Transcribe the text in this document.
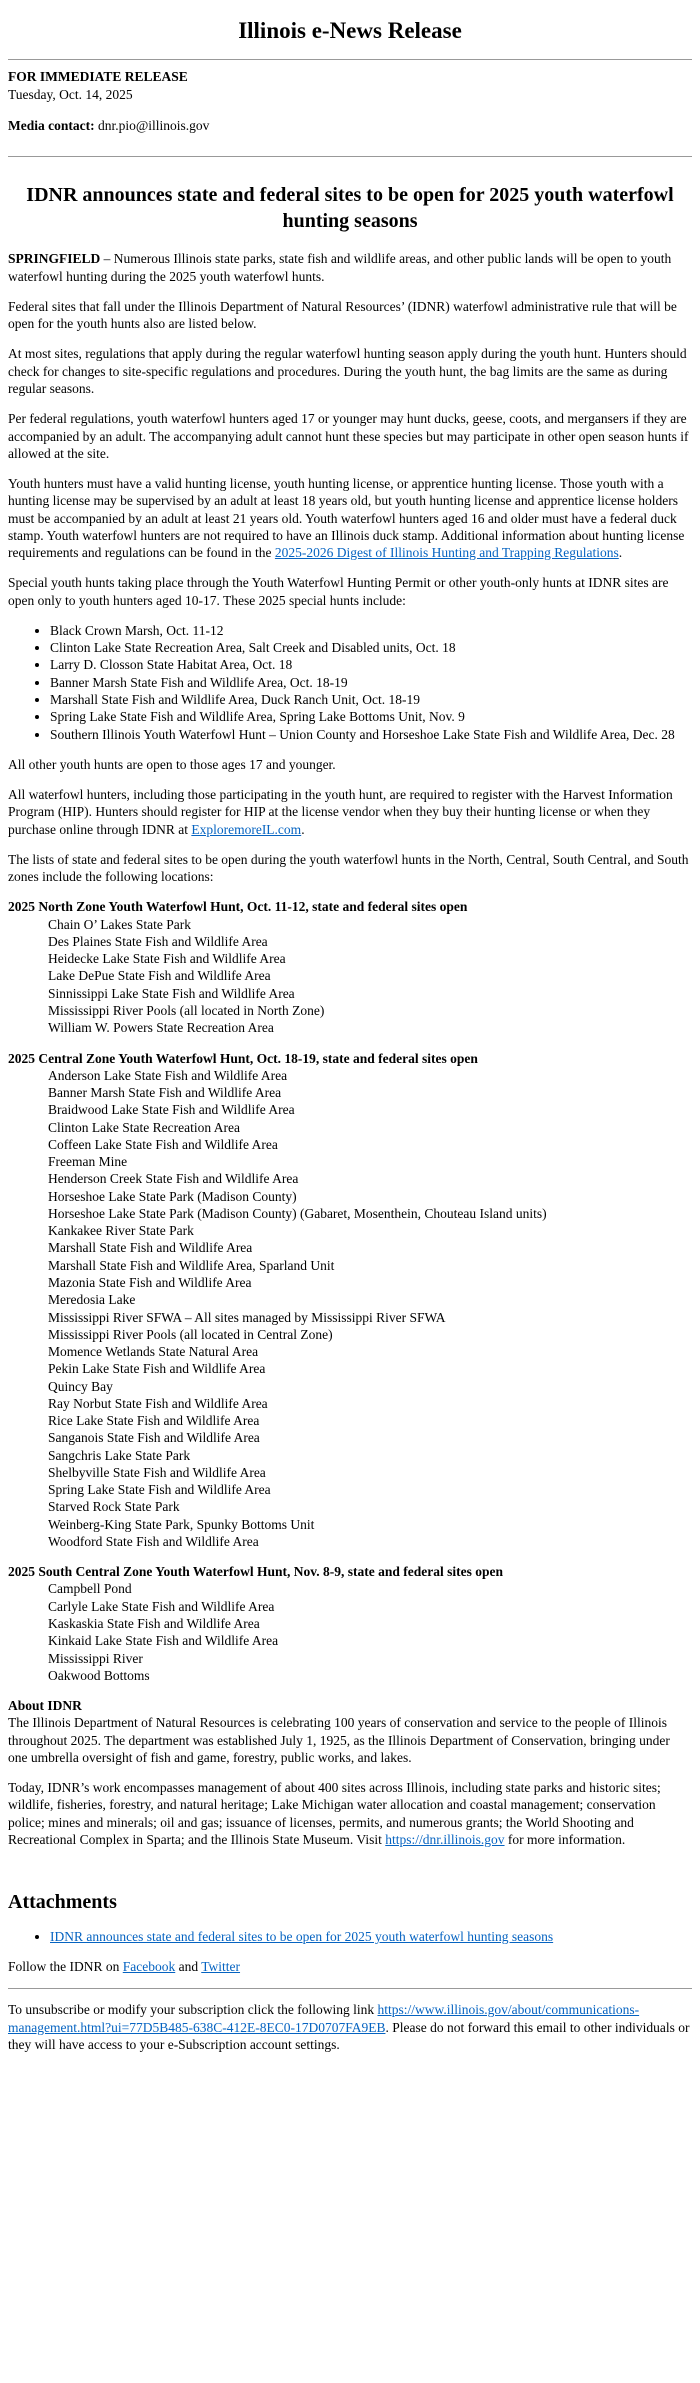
Illinois e-News Release

FOR IMMEDIATE RELEASE

Tuesday, Oct. 14, 2025

Media contact: dnr.pio@illinois.gov

IDNR announces state and federal sites to be open for 2025 youth waterfowl hunting seasons

SPRINGFIELD – Numerous Illinois state parks, state fish and wildlife areas, and other public lands will be open to youth waterfowl hunting during the 2025 youth waterfowl hunts.

Federal sites that fall under the Illinois Department of Natural Resources’ (IDNR) waterfowl administrative rule that will be open for the youth hunts also are listed below.

At most sites, regulations that apply during the regular waterfowl hunting season apply during the youth hunt. Hunters should check for changes to site-specific regulations and procedures. During the youth hunt, the bag limits are the same as during regular seasons.

Per federal regulations, youth waterfowl hunters aged 17 or younger may hunt ducks, geese, coots, and mergansers if they are accompanied by an adult. The accompanying adult cannot hunt these species but may participate in other open season hunts if allowed at the site.

Youth hunters must have a valid hunting license, youth hunting license, or apprentice hunting license. Those youth with a hunting license may be supervised by an adult at least 18 years old, but youth hunting license and apprentice license holders must be accompanied by an adult at least 21 years old. Youth waterfowl hunters aged 16 and older must have a federal duck stamp. Youth waterfowl hunters are not required to have an Illinois duck stamp. Additional information about hunting license requirements and regulations can be found in the 2025-2026 Digest of Illinois Hunting and Trapping Regulations.

Special youth hunts taking place through the Youth Waterfowl Hunting Permit or other youth-only hunts at IDNR sites are open only to youth hunters aged 10-17. These 2025 special hunts include:

• Black Crown Marsh, Oct. 11-12
• Clinton Lake State Recreation Area, Salt Creek and Disabled units, Oct. 18
• Larry D. Closson State Habitat Area, Oct. 18
• Banner Marsh State Fish and Wildlife Area, Oct. 18-19
• Marshall State Fish and Wildlife Area, Duck Ranch Unit, Oct. 18-19
• Spring Lake State Fish and Wildlife Area, Spring Lake Bottoms Unit, Nov. 9
• Southern Illinois Youth Waterfowl Hunt – Union County and Horseshoe Lake State Fish and Wildlife Area, Dec. 28

All other youth hunts are open to those ages 17 and younger.

All waterfowl hunters, including those participating in the youth hunt, are required to register with the Harvest Information Program (HIP). Hunters should register for HIP at the license vendor when they buy their hunting license or when they purchase online through IDNR at ExploremoreIL.com.

The lists of state and federal sites to be open during the youth waterfowl hunts in the North, Central, South Central, and South zones include the following locations:

2025 North Zone Youth Waterfowl Hunt, Oct. 11-12, state and federal sites open

Chain O’ Lakes State Park
Des Plaines State Fish and Wildlife Area
Heidecke Lake State Fish and Wildlife Area
Lake DePue State Fish and Wildlife Area
Sinnissippi Lake State Fish and Wildlife Area
Mississippi River Pools (all located in North Zone)
William W. Powers State Recreation Area

2025 Central Zone Youth Waterfowl Hunt, Oct. 18-19, state and federal sites open

Anderson Lake State Fish and Wildlife Area
Banner Marsh State Fish and Wildlife Area
Braidwood Lake State Fish and Wildlife Area
Clinton Lake State Recreation Area
Coffeen Lake State Fish and Wildlife Area
Freeman Mine
Henderson Creek State Fish and Wildlife Area
Horseshoe Lake State Park (Madison County)
Horseshoe Lake State Park (Madison County) (Gabaret, Mosenthein, Chouteau Island units)
Kankakee River State Park
Marshall State Fish and Wildlife Area
Marshall State Fish and Wildlife Area, Sparland Unit
Mazonia State Fish and Wildlife Area
Meredosia Lake
Mississippi River SFWA – All sites managed by Mississippi River SFWA
Mississippi River Pools (all located in Central Zone)
Momence Wetlands State Natural Area
Pekin Lake State Fish and Wildlife Area
Quincy Bay
Ray Norbut State Fish and Wildlife Area
Rice Lake State Fish and Wildlife Area
Sanganois State Fish and Wildlife Area
Sangchris Lake State Park
Shelbyville State Fish and Wildlife Area
Spring Lake State Fish and Wildlife Area
Starved Rock State Park
Weinberg-King State Park, Spunky Bottoms Unit
Woodford State Fish and Wildlife Area

2025 South Central Zone Youth Waterfowl Hunt, Nov. 8-9, state and federal sites open

Campbell Pond
Carlyle Lake State Fish and Wildlife Area
Kaskaskia State Fish and Wildlife Area
Kinkaid Lake State Fish and Wildlife Area
Mississippi River
Oakwood Bottoms

About IDNR

The Illinois Department of Natural Resources is celebrating 100 years of conservation and service to the people of Illinois throughout 2025. The department was established July 1, 1925, as the Illinois Department of Conservation, bringing under one umbrella oversight of fish and game, forestry, public works, and lakes.

Today, IDNR’s work encompasses management of about 400 sites across Illinois, including state parks and historic sites; wildlife, fisheries, forestry, and natural heritage; Lake Michigan water allocation and coastal management; conservation police; mines and minerals; oil and gas; issuance of licenses, permits, and numerous grants; the World Shooting and Recreational Complex in Sparta; and the Illinois State Museum. Visit https://dnr.illinois.gov for more information.

Attachments
• IDNR announces state and federal sites to be open for 2025 youth waterfowl hunting seasons

Follow the IDNR on Facebook and Twitter

To unsubscribe or modify your subscription click the following link https://www.illinois.gov/about/communications-management.html?ui=77D5B485-638C-412E-8EC0-17D0707FA9EB. Please do not forward this email to other individuals or they will have access to your e-Subscription account settings.
